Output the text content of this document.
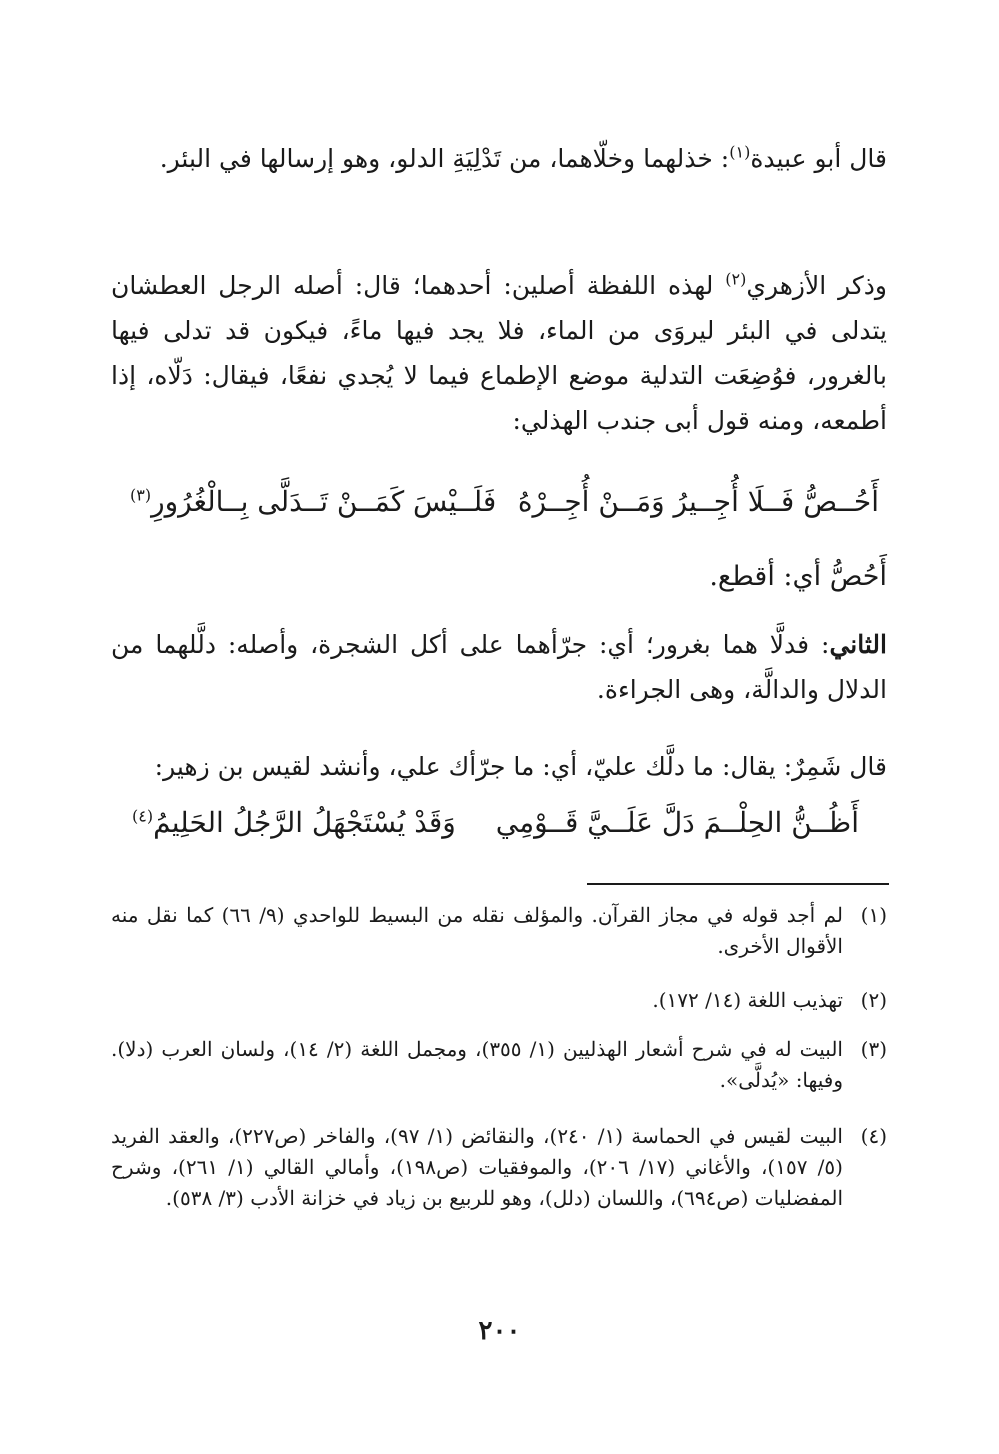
قال أبو عبيدة$^{(١)}$: خذلهما وخلّاهما، من تَدْلِيَةِ الدلو، وهو إرسالها في البئر.

وذكر الأزهري$^{(٢)}$ لهذه اللفظة أصلين: أحدهما؛ قال: أصله الرجل العطشان يتدلى في البئر ليروَى من الماء، فلا يجد فيها ماءً، فيكون قد تدلى فيها بالغرور، فوُضِعَت التدلية موضع الإطماع فيما لا يُجدي نفعًا، فيقال: دَلّاه، إذا أطمعه، ومنه قول أبى جندب الهذلي:

أَحُــصُّ فَــلَا أُجِــيرُ وَمَــنْ أُجِــرْهُ
فَلَــيْسَ كَمَــنْ تَــدَلَّى بِــالْغُرُورِ$^{(٣)}$

أَحُصُّ أي: أقطع.

الثاني: فدلَّا هما بغرور؛ أي: جرّأهما على أكل الشجرة، وأصله: دلَّلهما من الدلال والدالَّة، وهى الجراءة.

قال شَمِرٌ: يقال: ما دلَّك عليّ، أي: ما جرّأك علي، وأنشد لقيس بن زهير:

أَظُــنُّ الحِلْــمَ دَلَّ عَلَــيَّ قَــوْمِي
وَقَدْ يُسْتَجْهَلُ الرَّجُلُ الحَلِيمُ$^{(٤)}$
(١)
لم أجد قوله في مجاز القرآن. والمؤلف نقله من البسيط للواحدي (٩/ ٦٦) كما نقل منه الأقوال الأخرى.
(٢)
تهذيب اللغة (١٤/ ١٧٢).
(٣)
البيت له في شرح أشعار الهذليين (١/ ٣٥٥)، ومجمل اللغة (٢/ ١٤)، ولسان العرب (دلا). وفيها: «يُدلَّى».
(٤)
البيت لقيس في الحماسة (١/ ٢٤٠)، والنقائض (١/ ٩٧)، والفاخر (ص٢٢٧)، والعقد الفريد (٥/ ١٥٧)، والأغاني (١٧/ ٢٠٦)، والموفقيات (ص١٩٨)، وأمالي القالي (١/ ٢٦١)، وشرح المفضليات (ص٦٩٤)، واللسان (دلل)، وهو للربيع بن زياد في خزانة الأدب (٣/ ٥٣٨).
٢٠٠
